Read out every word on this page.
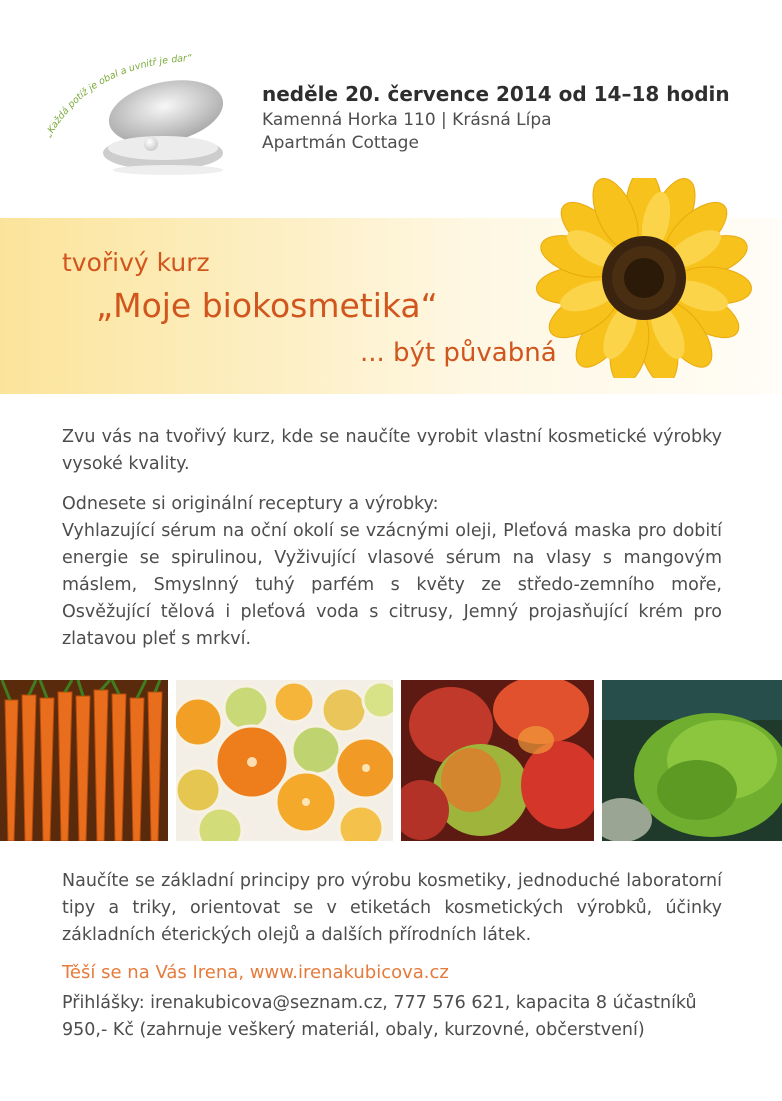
„Každá potíž je obal a uvnitř je dar“

neděle 20. července 2014 od 14–18 hodin

Kamenná Horka 110 | Krásná Lípa

Apartmán Cottage

tvořivý kurz
„Moje biokosmetika“
... být půvabná

Zvu vás na tvořivý kurz, kde se naučíte vyrobit vlastní kosmetické výrobky vysoké kvality.

Odnesete si originální receptury a výrobky:
Vyhlazující sérum na oční okolí se vzácnými oleji, Pleťová maska pro dobití energie se spirulinou, Vyživující vlasové sérum na vlasy s mangovým máslem, Smyslnný tuhý parfém s květy ze středo-zemního moře, Osvěžující tělová i pleťová voda s citrusy, Jemný projasňující krém pro zlatavou pleť s mrkví.

Naučíte se základní principy pro výrobu kosmetiky, jednoduché laboratorní tipy a triky, orientovat se v etiketách kosmetických výrobků, účinky základních éterických olejů a dalších přírodních látek.

Těší se na Vás Irena, www.irenakubicova.cz
Přihlášky: irenakubicova@seznam.cz, 777 576 621, kapacita 8 účastníků
950,- Kč (zahrnuje veškerý materiál, obaly, kurzovné, občerstvení)
